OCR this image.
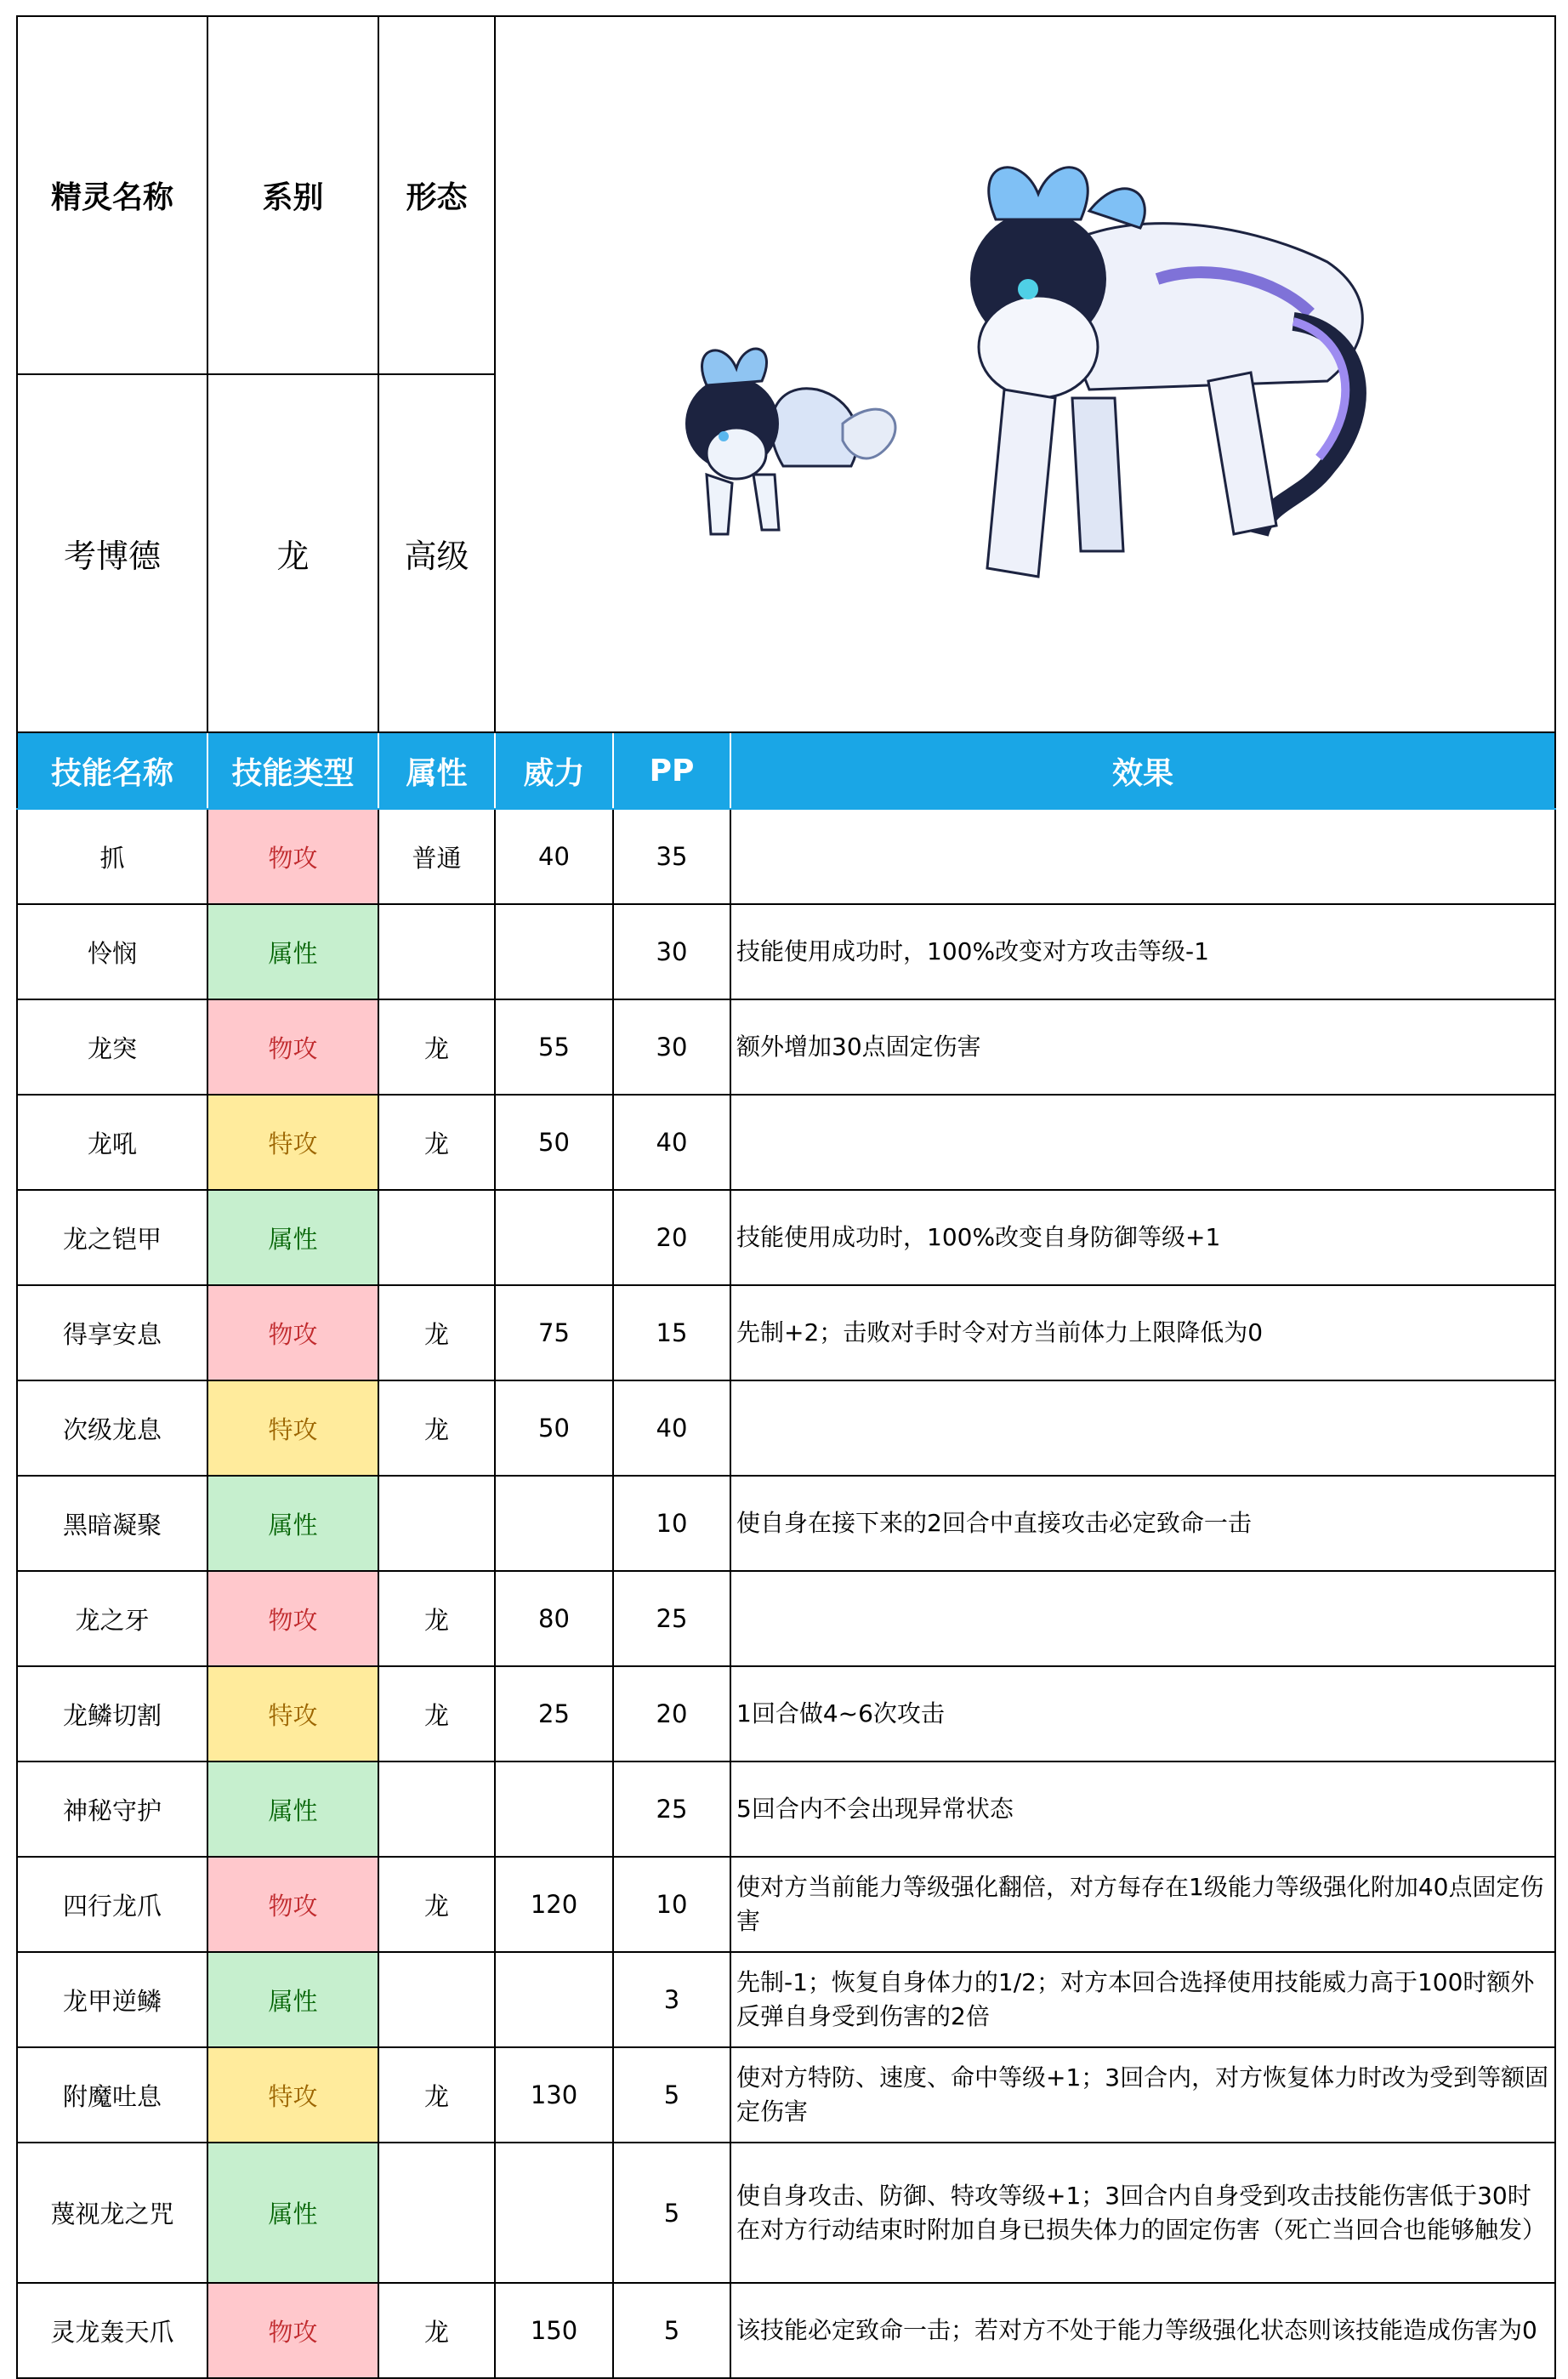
精灵名称	系别	形态	
考博德	龙	高级			
技能名称	技能类型	属性	威力	PP	效果
抓	物攻	普通	40	35	
怜悯	属性			30	技能使用成功时，100%改变对方攻击等级-1
龙突	物攻	龙	55	30	额外增加30点固定伤害
龙吼	特攻	龙	50	40	
龙之铠甲	属性			20	技能使用成功时，100%改变自身防御等级+1
得享安息	物攻	龙	75	15	先制+2；击败对手时令对方当前体力上限降低为0
次级龙息	特攻	龙	50	40	
黑暗凝聚	属性			10	使自身在接下来的2回合中直接攻击必定致命一击
龙之牙	物攻	龙	80	25	
龙鳞切割	特攻	龙	25	20	1回合做4~6次攻击
神秘守护	属性			25	5回合内不会出现异常状态
四行龙爪	物攻	龙	120	10	使对方当前能力等级强化翻倍，对方每存在1级能力等级强化附加40点固定伤害
龙甲逆鳞	属性			3	先制-1；恢复自身体力的1/2；对方本回合选择使用技能威力高于100时额外反弹自身受到伤害的2倍
附魔吐息	特攻	龙	130	5	使对方特防、速度、命中等级+1；3回合内，对方恢复体力时改为受到等额固定伤害
蔑视龙之咒	属性			5	使自身攻击、防御、特攻等级+1；3回合内自身受到攻击技能伤害低于30时在对方行动结束时附加自身已损失体力的固定伤害（死亡当回合也能够触发）
灵龙轰天爪	物攻	龙	150	5	该技能必定致命一击；若对方不处于能力等级强化状态则该技能造成伤害为0
